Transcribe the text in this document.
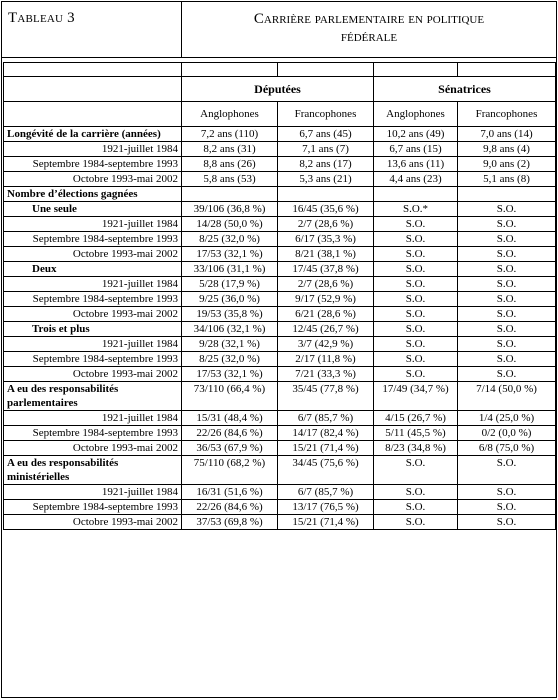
Tableau 3	Carrière parlementaire en politique
fédérale

	Députées		Sénatrices	
	Anglophones	Francophones	Anglophones	Francophones
Longévité de la carrière (années)	7,2 ans (110)	6,7 ans (45)	10,2 ans (49)	7,0 ans (14)
1921-juillet 1984	8,2 ans (31)	7,1 ans (7)	6,7 ans (15)	9,8 ans (4)
Septembre 1984-septembre 1993	8,8 ans (26)	8,2 ans (17)	13,6 ans (11)	9,0 ans (2)
Octobre 1993-mai 2002	5,8 ans (53)	5,3 ans (21)	4,4 ans (23)	5,1 ans (8)
Nombre d’élections gagnées				
Une seule	39/106 (36,8 %)	16/45 (35,6 %)	S.O.*	S.O.
1921-juillet 1984	14/28 (50,0 %)	2/7 (28,6 %)	S.O.	S.O.
Septembre 1984-septembre 1993	8/25 (32,0 %)	6/17 (35,3 %)	S.O.	S.O.
Octobre 1993-mai 2002	17/53 (32,1 %)	8/21 (38,1 %)	S.O.	S.O.
Deux	33/106 (31,1 %)	17/45 (37,8 %)	S.O.	S.O.
1921-juillet 1984	5/28 (17,9 %)	2/7 (28,6 %)	S.O.	S.O.
Septembre 1984-septembre 1993	9/25 (36,0 %)	9/17 (52,9 %)	S.O.	S.O.
Octobre 1993-mai 2002	19/53 (35,8 %)	6/21 (28,6 %)	S.O.	S.O.
Trois et plus	34/106 (32,1 %)	12/45 (26,7 %)	S.O.	S.O.
1921-juillet 1984	9/28 (32,1 %)	3/7 (42,9 %)	S.O.	S.O.
Septembre 1984-septembre 1993	8/25 (32,0 %)	2/17 (11,8 %)	S.O.	S.O.
Octobre 1993-mai 2002	17/53 (32,1 %)	7/21 (33,3 %)	S.O.	S.O.
A eu des responsabilités parlementaires	73/110 (66,4 %)	35/45 (77,8 %)	17/49 (34,7 %)	7/14 (50,0 %)
1921-juillet 1984	15/31 (48,4 %)	6/7 (85,7 %)	4/15 (26,7 %)	1/4 (25,0 %)
Septembre 1984-septembre 1993	22/26 (84,6 %)	14/17 (82,4 %)	5/11 (45,5 %)	0/2 (0,0 %)
Octobre 1993-mai 2002	36/53 (67,9 %)	15/21 (71,4 %)	8/23 (34,8 %)	6/8 (75,0 %)
A eu des responsabilités ministérielles	75/110 (68,2 %)	34/45 (75,6 %)	S.O.	S.O.
1921-juillet 1984	16/31 (51,6 %)	6/7 (85,7 %)	S.O.	S.O.
Septembre 1984-septembre 1993	22/26 (84,6 %)	13/17 (76,5 %)	S.O.	S.O.
Octobre 1993-mai 2002	37/53 (69,8 %)	15/21 (71,4 %)	S.O.	S.O.
